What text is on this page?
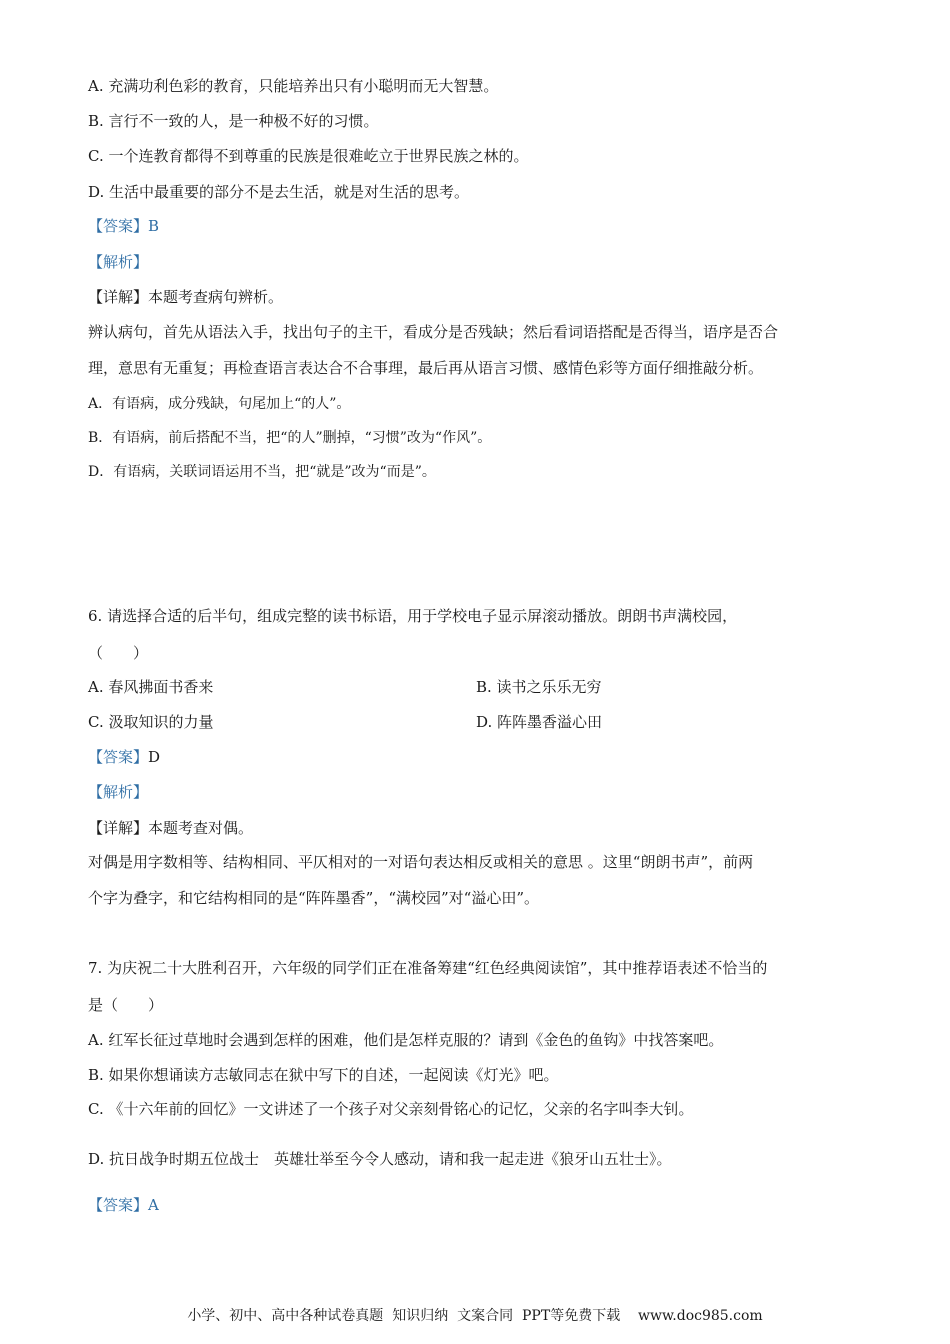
A. 充满功利色彩的教育，只能培养出只有小聪明而无大智慧。
B. 言行不一致的人，是一种极不好的习惯。
C. 一个连教育都得不到尊重的民族是很难屹立于世界民族之林的。
D. 生活中最重要的部分不是去生活，就是对生活的思考。
【答案】B
【解析】
【详解】本题考查病句辨析。
辨认病句，首先从语法入手，找出句子的主干，看成分是否残缺；然后看词语搭配是否得当，语序是否合
理，意思有无重复；再检查语言表达合不合事理，最后再从语言习惯、感情色彩等方面仔细推敲分析。
A．有语病，成分残缺，句尾加上“的人”。
B．有语病，前后搭配不当，把“的人”删掉，“习惯”改为“作风”。
D．有语病，关联词语运用不当，把“就是”改为“而是”。
6. 请选择合适的后半句，组成完整的读书标语，用于学校电子显示屏滚动播放。朗朗书声满校园，
（　　）
A. 春风拂面书香来	B. 读书之乐乐无穷
C. 汲取知识的力量	D. 阵阵墨香溢心田
【答案】D
【解析】
【详解】本题考查对偶。
对偶是用字数相等、结构相同、平仄相对的一对语句表达相反或相关的意思 。这里“朗朗书声”，前两
个字为叠字，和它结构相同的是“阵阵墨香”，“满校园”对“溢心田”。
7. 为庆祝二十大胜利召开，六年级的同学们正在准备筹建“红色经典阅读馆”，其中推荐语表述不恰当的
是（　　）
A. 红军长征过草地时会遇到怎样的困难，他们是怎样克服的？请到《金色的鱼钩》中找答案吧。
B. 如果你想诵读方志敏同志在狱中写下的自述，一起阅读《灯光》吧。
C. 《十六年前的回忆》一文讲述了一个孩子对父亲刻骨铭心的记忆，父亲的名字叫李大钊。
D. 抗日战争时期五位战士　英雄壮举至今令人感动，请和我一起走进《狼牙山五壮士》。
【答案】A
小学、初中、高中各种试卷真题  知识归纳  文案合同  PPT等免费下载    www.doc985.com
